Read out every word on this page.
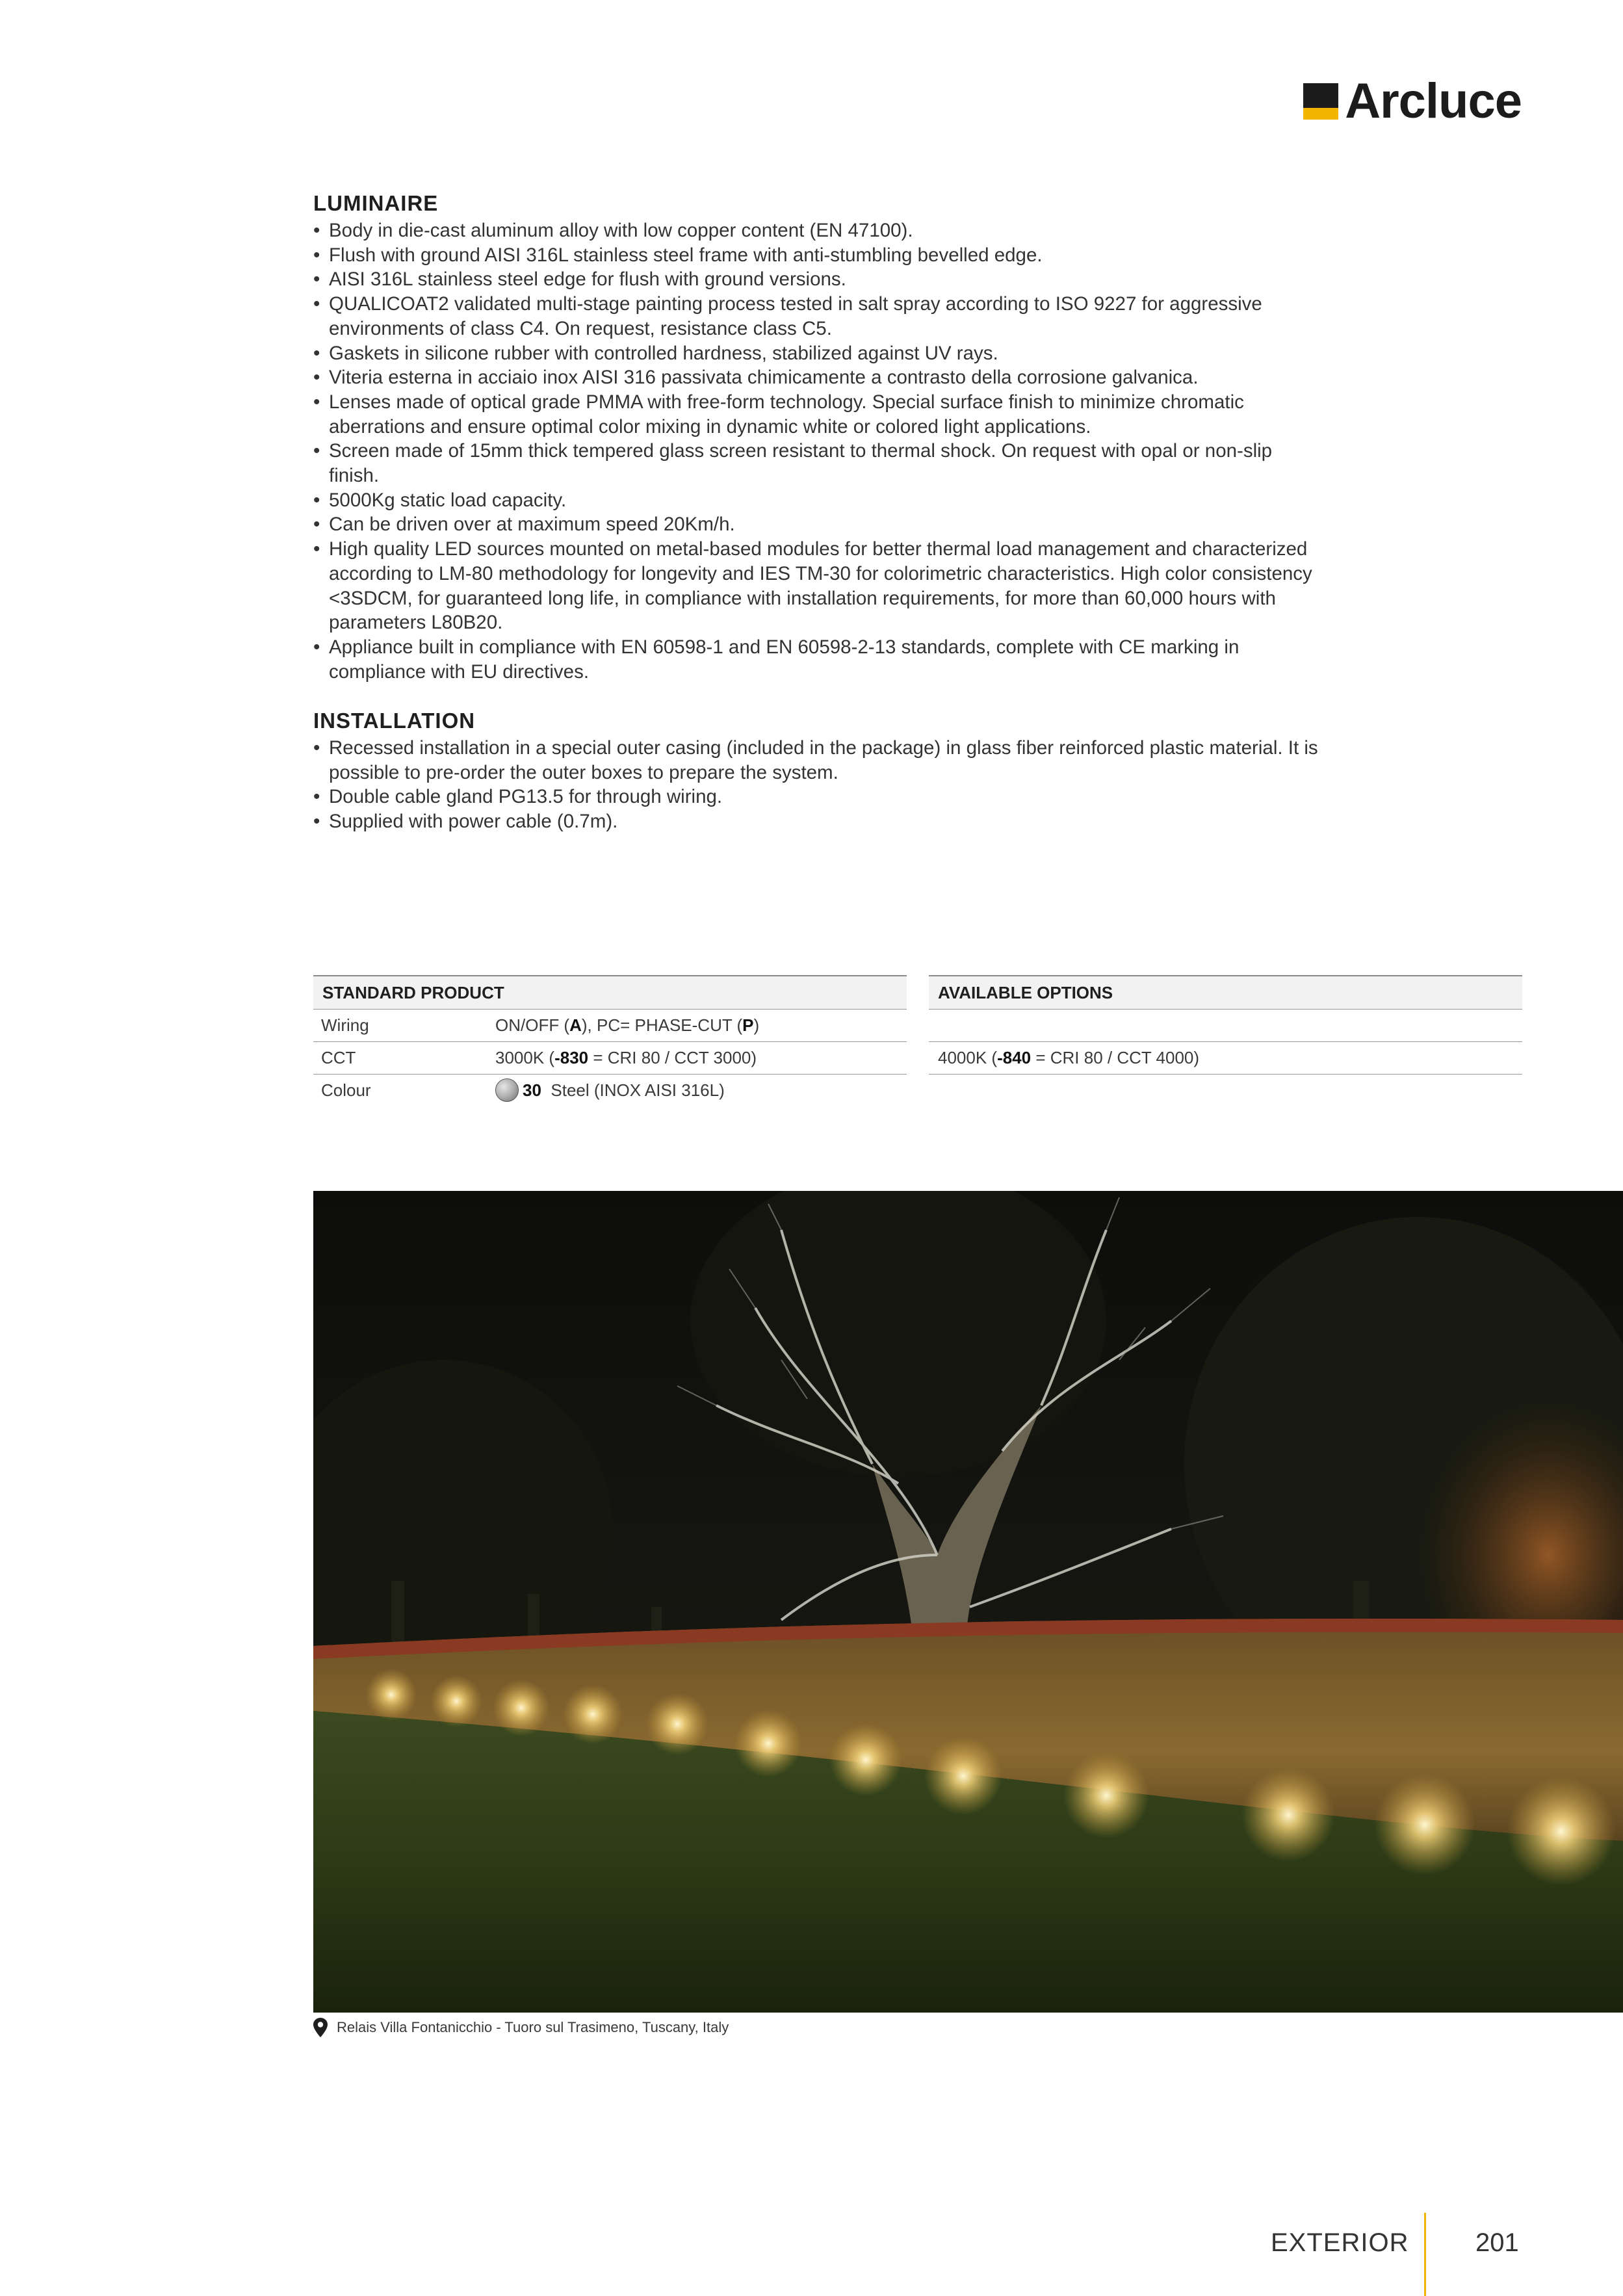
Arcluce
LUMINAIRE
• Body in die-cast aluminum alloy with low copper content (EN 47100).
• Flush with ground AISI 316L stainless steel frame with anti-stumbling bevelled edge.
• AISI 316L stainless steel edge for flush with ground versions.
• QUALICOAT2 validated multi-stage painting process tested in salt spray according to ISO 9227 for aggressive environments of class C4. On request, resistance class C5.
• Gaskets in silicone rubber with controlled hardness, stabilized against UV rays.
• Viteria esterna in acciaio inox AISI 316 passivata chimicamente a contrasto della corrosione galvanica.
• Lenses made of optical grade PMMA with free-form technology. Special surface finish to minimize chromatic aberrations and ensure optimal color mixing in dynamic white or colored light applications.
• Screen made of 15mm thick tempered glass screen resistant to thermal shock. On request with opal or non-slip finish.
• 5000Kg static load capacity.
• Can be driven over at maximum speed 20Km/h.
• High quality LED sources mounted on metal-based modules for better thermal load management and characterized according to LM-80 methodology for longevity and IES TM-30 for colorimetric characteristics. High color consistency <3SDCM, for guaranteed long life, in compliance with installation requirements, for more than 60,000 hours with parameters L80B20.
• Appliance built in compliance with EN 60598-1 and EN 60598-2-13 standards, complete with CE marking in compliance with EU directives.
INSTALLATION
• Recessed installation in a special outer casing (included in the package) in glass fiber reinforced plastic material. It is possible to pre-order the outer boxes to prepare the system.
• Double cable gland PG13.5 for through wiring.
• Supplied with power cable (0.7m).
STANDARD PRODUCT
Wiring	ON/OFF (A), PC= PHASE-CUT (P)
CCT	3000K (-830 = CRI 80 / CCT 3000)
Colour	30 Steel (INOX AISI 316L)
AVAILABLE OPTIONS
4000K (-840 = CRI 80 / CCT 4000)
Relais Villa Fontanicchio - Tuoro sul Trasimeno, Tuscany, Italy
EXTERIOR	201
